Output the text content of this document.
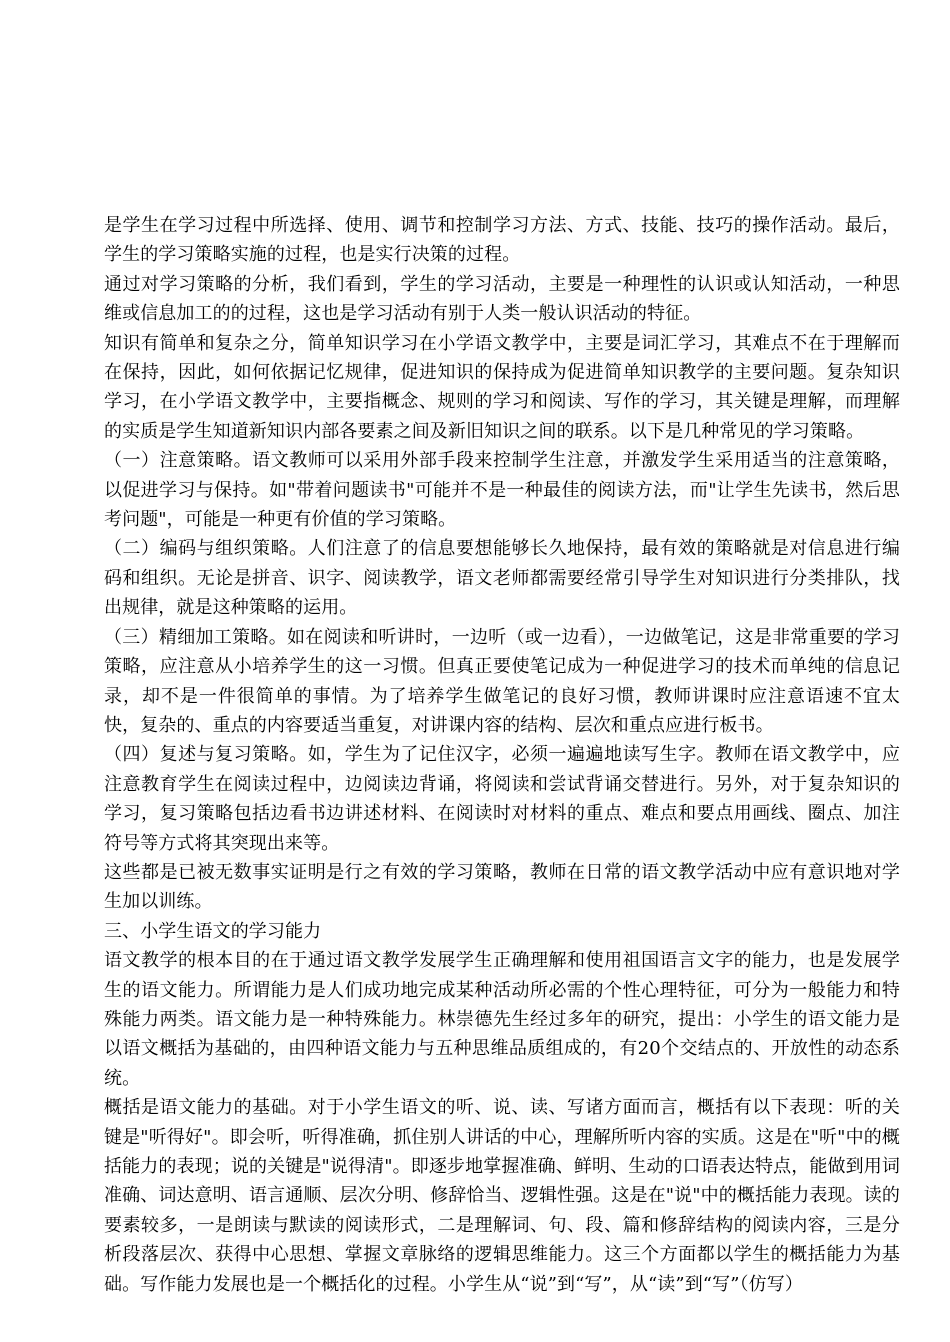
是学生在学习过程中所选择、使用、调节和控制学习方法、方式、技能、技巧的操作活动。最后，学生的学习策略实施的过程，也是实行决策的过程。

通过对学习策略的分析，我们看到，学生的学习活动，主要是一种理性的认识或认知活动，一种思维或信息加工的的过程，这也是学习活动有别于人类一般认识活动的特征。

知识有简单和复杂之分，简单知识学习在小学语文教学中，主要是词汇学习，其难点不在于理解而在保持，因此，如何依据记忆规律，促进知识的保持成为促进简单知识教学的主要问题。复杂知识学习，在小学语文教学中，主要指概念、规则的学习和阅读、写作的学习，其关键是理解，而理解的实质是学生知道新知识内部各要素之间及新旧知识之间的联系。以下是几种常见的学习策略。

（一）注意策略。语文教师可以采用外部手段来控制学生注意，并激发学生采用适当的注意策略，以促进学习与保持。如"带着问题读书"可能并不是一种最佳的阅读方法，而"让学生先读书，然后思考问题"，可能是一种更有价值的学习策略。

（二）编码与组织策略。人们注意了的信息要想能够长久地保持，最有效的策略就是对信息进行编码和组织。无论是拼音、识字、阅读教学，语文老师都需要经常引导学生对知识进行分类排队，找出规律，就是这种策略的运用。

（三）精细加工策略。如在阅读和听讲时，一边听（或一边看），一边做笔记，这是非常重要的学习策略，应注意从小培养学生的这一习惯。但真正要使笔记成为一种促进学习的技术而单纯的信息记录，却不是一件很简单的事情。为了培养学生做笔记的良好习惯，教师讲课时应注意语速不宜太快，复杂的、重点的内容要适当重复，对讲课内容的结构、层次和重点应进行板书。

（四）复述与复习策略。如，学生为了记住汉字，必须一遍遍地读写生字。教师在语文教学中，应注意教育学生在阅读过程中，边阅读边背诵，将阅读和尝试背诵交替进行。另外，对于复杂知识的学习，复习策略包括边看书边讲述材料、在阅读时对材料的重点、难点和要点用画线、圈点、加注符号等方式将其突现出来等。

这些都是已被无数事实证明是行之有效的学习策略，教师在日常的语文教学活动中应有意识地对学生加以训练。

三、小学生语文的学习能力

语文教学的根本目的在于通过语文教学发展学生正确理解和使用祖国语言文字的能力，也是发展学生的语文能力。所谓能力是人们成功地完成某种活动所必需的个性心理特征，可分为一般能力和特殊能力两类。语文能力是一种特殊能力。林崇德先生经过多年的研究，提出：小学生的语文能力是以语文概括为基础的，由四种语文能力与五种思维品质组成的，有20个交结点的、开放性的动态系统。

概括是语文能力的基础。对于小学生语文的听、说、读、写诸方面而言，概括有以下表现：听的关键是"听得好"。即会听，听得准确，抓住别人讲话的中心，理解所听内容的实质。这是在"听"中的概括能力的表现；说的关键是"说得清"。即逐步地掌握准确、鲜明、生动的口语表达特点，能做到用词准确、词达意明、语言通顺、层次分明、修辞恰当、逻辑性强。这是在"说"中的概括能力表现。读的要素较多，一是朗读与默读的阅读形式，二是理解词、句、段、篇和修辞结构的阅读内容，三是分析段落层次、获得中心思想、掌握文章脉络的逻辑思维能力。这三个方面都以学生的概括能力为基础。写作能力发展也是一个概括化的过程。小学生从“说”到“写”，从“读”到“写”（仿写）
